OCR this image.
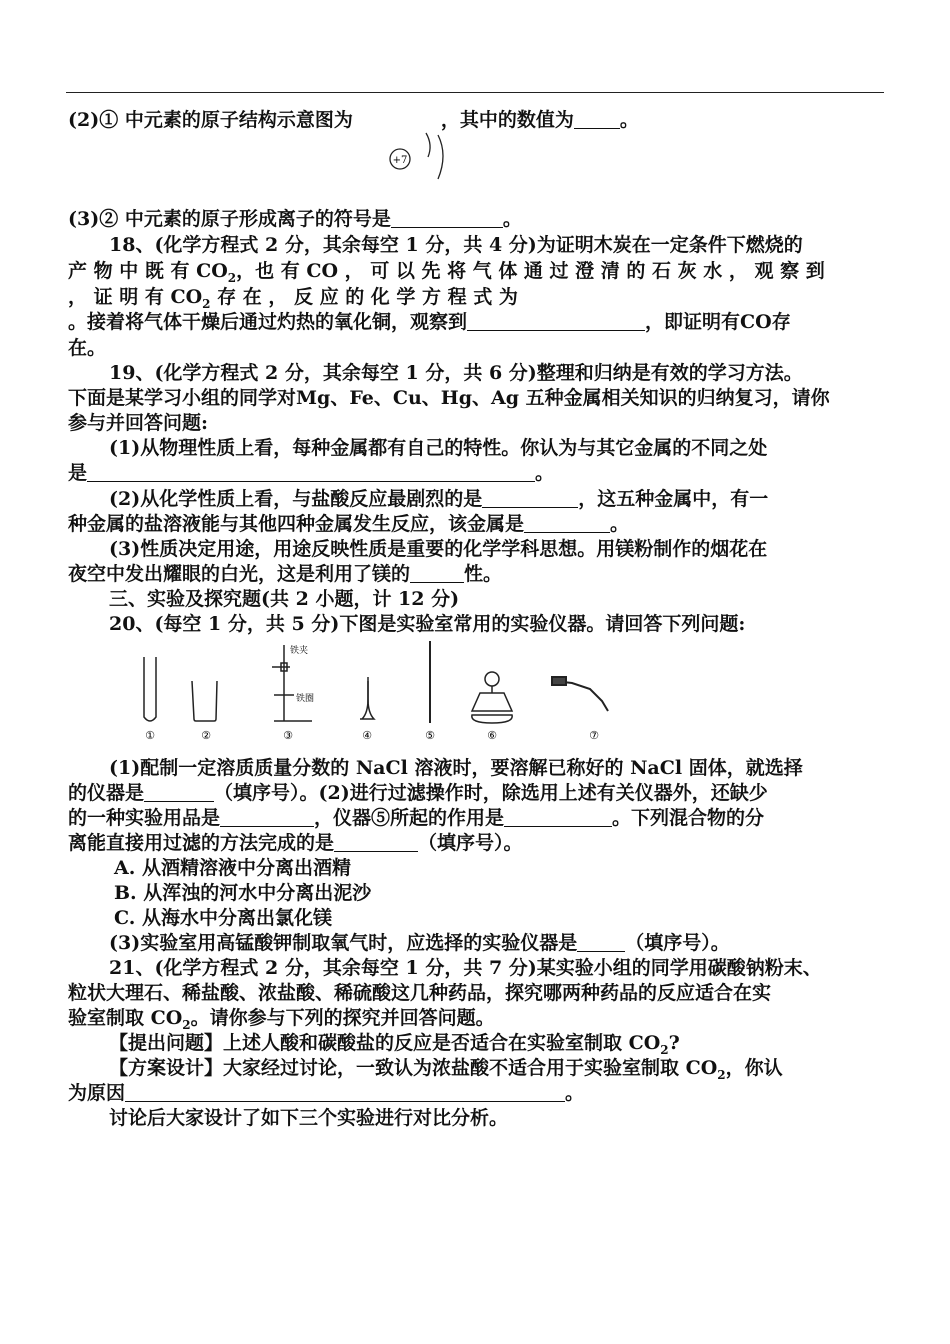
(2)① 中元素的原子结构示意图为	，其中的数值为 。
+7
(3)② 中元素的原子形成离子的符号是	。
18、(化学方程式 2 分，其余每空 1 分，共 4 分)为证明木炭在一定条件下燃烧的
产 物 中 既 有 $CO_2$，也 有 CO ， 可 以 先 将 气 体 通 过 澄 清 的 石 灰 水 ， 观 察 到
， 证 明 有 $CO_2$ 存 在 ， 反 应 的 化 学 方 程 式 为
。接着将气体干燥后通过灼热的氧化铜，观察到	，即证明有CO存
在。
19、(化学方程式 2 分，其余每空 1 分，共 6 分)整理和归纳是有效的学习方法。
下面是某学习小组的同学对Mg、Fe、Cu、Hg、Ag 五种金属相关知识的归纳复习，请你
参与并回答问题:
(1)从物理性质上看，每种金属都有自己的特性。你认为与其它金属的不同之处
是	。
(2)从化学性质上看，与盐酸反应最剧烈的是	，这五种金属中，有一
种金属的盐溶液能与其他四种金属发生反应，该金属是	。
(3)性质决定用途，用途反映性质是重要的化学学科思想。用镁粉制作的烟花在
夜空中发出耀眼的白光，这是利用了镁的	性。
三、实验及探究题(共 2 小题，计 12 分)
20、(每空 1 分，共 5 分)下图是实验室常用的实验仪器。请回答下列问题:
铁夹
铁圈
①	②	③	④	⑤	⑥	⑦
(1)配制一定溶质质量分数的 NaCl 溶液时，要溶解已称好的 NaCl 固体，就选择
的仪器是	（填序号）。(2)进行过滤操作时，除选用上述有关仪器外，还缺少
的一种实验用品是	，仪器⑤所起的作用是	。下列混合物的分
离能直接用过滤的方法完成的是	（填序号）。
A. 从酒精溶液中分离出酒精
B. 从浑浊的河水中分离出泥沙
C. 从海水中分离出氯化镁
(3)实验室用高锰酸钾制取氧气时，应选择的实验仪器是	（填序号）。
21、(化学方程式 2 分，其余每空 1 分，共 7 分)某实验小组的同学用碳酸钠粉末、
粒状大理石、稀盐酸、浓盐酸、稀硫酸这几种药品，探究哪两种药品的反应适合在实
验室制取 $CO_2$。请你参与下列的探究并回答问题。
【提出问题】上述人酸和碳酸盐的反应是否适合在实验室制取 $CO_2$?
【方案设计】大家经过讨论，一致认为浓盐酸不适合用于实验室制取 $CO_2$，你认
为原因	。
讨论后大家设计了如下三个实验进行对比分析。
